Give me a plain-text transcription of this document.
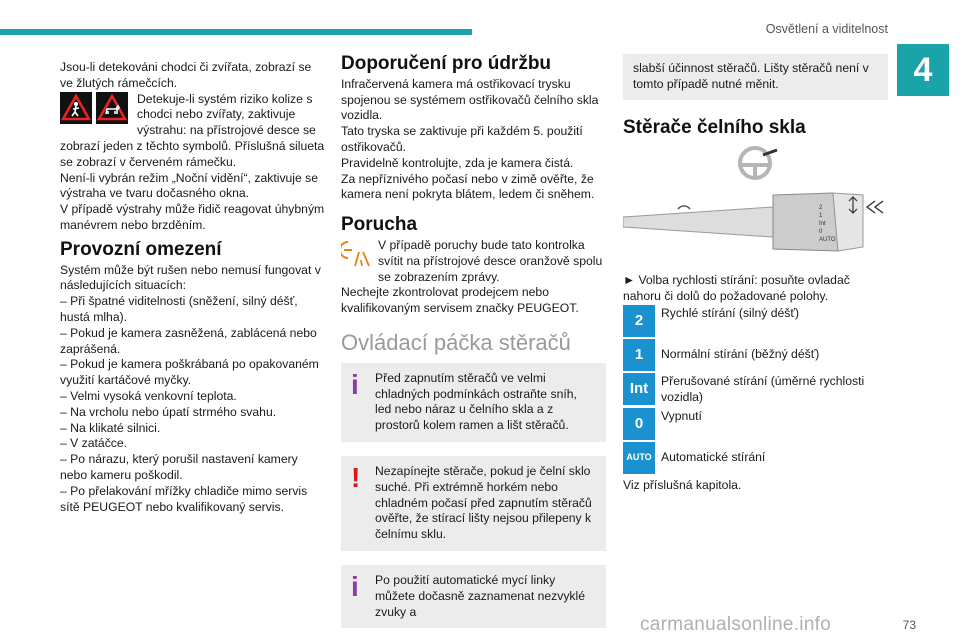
Osvětlení a viditelnost
4

Jsou-li detekováni chodci či zvířata, zobrazí se ve žlutých rámečcích.

Detekuje-li systém riziko kolize s chodci nebo zvířaty, zaktivuje výstrahu: na přístrojové desce se zobrazí jeden z těchto symbolů. Příslušná silueta se zobrazí v červeném rámečku.

Není-li vybrán režim „Noční vidění“, zaktivuje se výstraha ve tvaru dočasného okna.

V případě výstrahy může řidič reagovat úhybným manévrem nebo brzděním.

Provozní omezení

Systém může být rušen nebo nemusí fungovat v následujících situacích:

– Při špatné viditelnosti (sněžení, silný déšť, hustá mlha).

– Pokud je kamera zasněžená, zablácená nebo zaprášená.

– Pokud je kamera poškrábaná po opakovaném využití kartáčové myčky.

– Velmi vysoká venkovní teplota.

– Na vrcholu nebo úpatí strmého svahu.

– Na klikaté silnici.

– V zatáčce.

– Po nárazu, který porušil nastavení kamery nebo kameru poškodil.

– Po přelakování mřížky chladiče mimo servis sítě PEUGEOT nebo kvalifikovaný servis.

Doporučení pro údržbu

Infračervená kamera má ostřikovací trysku spojenou se systémem ostřikovačů čelního skla vozidla.

Tato tryska se zaktivuje při každém 5. použití ostřikovačů.

Pravidelně kontrolujte, zda je kamera čistá.

Za nepříznivého počasí nebo v zimě ověřte, že kamera není pokryta blátem, ledem či sněhem.

Porucha

V případě poruchy bude tato kontrolka svítit na přístrojové desce oranžově spolu se zobrazením zprávy.

Nechejte zkontrolovat prodejcem nebo kvalifikovaným servisem značky PEUGEOT.

Ovládací páčka stěračů
i Před zapnutím stěračů ve velmi chladných podmínkách ostraňte sníh, led nebo náraz u čelního skla a z prostorů kolem ramen a lišt stěračů.

! Nezapínejte stěrače, pokud je čelní sklo suché. Při extrémně horkém nebo chladném počasí před zapnutím stěračů ověřte, že stírací lišty nejsou přilepeny k čelnímu sklu.

i Po použití automatické mycí linky můžete dočasně zaznamenat nezvyklé zvuky a

slabší účinnost stěračů. Lišty stěračů není v tomto případě nutné měnit.

Stěrače čelního skla
2
1
Int
0
AUTO

► Volba rychlosti stírání: posuňte ovladač nahoru či dolů do požadované polohy.

2	Rychlé stírání (silný déšť)
1	Normální stírání (běžný déšť)
Int	Přerušované stírání (úměrné rychlosti vozidla)
0	Vypnutí
AUTO Automatické stírání

Viz příslušná kapitola.

carmanualsonline.info	73
